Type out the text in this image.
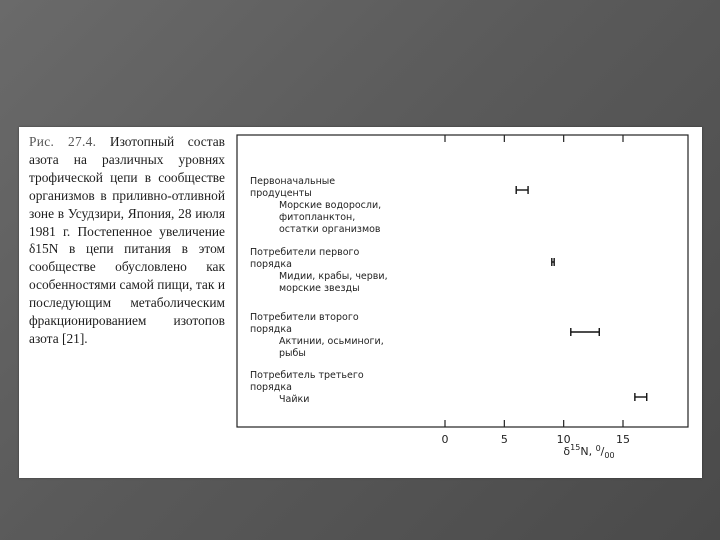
Рис. 27.4. Изотопный состав азота на различных уровнях трофической цепи в сообществе организмов в приливно-отливной зоне в Усудзири, Япония, 28 июля 1981 г. Постепенное увеличение δ15N в цепи питания в этом сообществе обусловлено как особенностями самой пищи, так и последующим метаболическим фракционированием изотопов азота [21].
Первоначальные
продуценты
Морские водоросли,
фитопланктон,
остатки организмов
Потребители первого
порядка
Мидии, крабы, черви,
морские звезды
Потребители второго
порядка
Актинии, осьминоги,
рыбы
Потребитель третьего
порядка
Чайки
0	5	10	15
$\delta^{15}N$, $^0/_{00}$
